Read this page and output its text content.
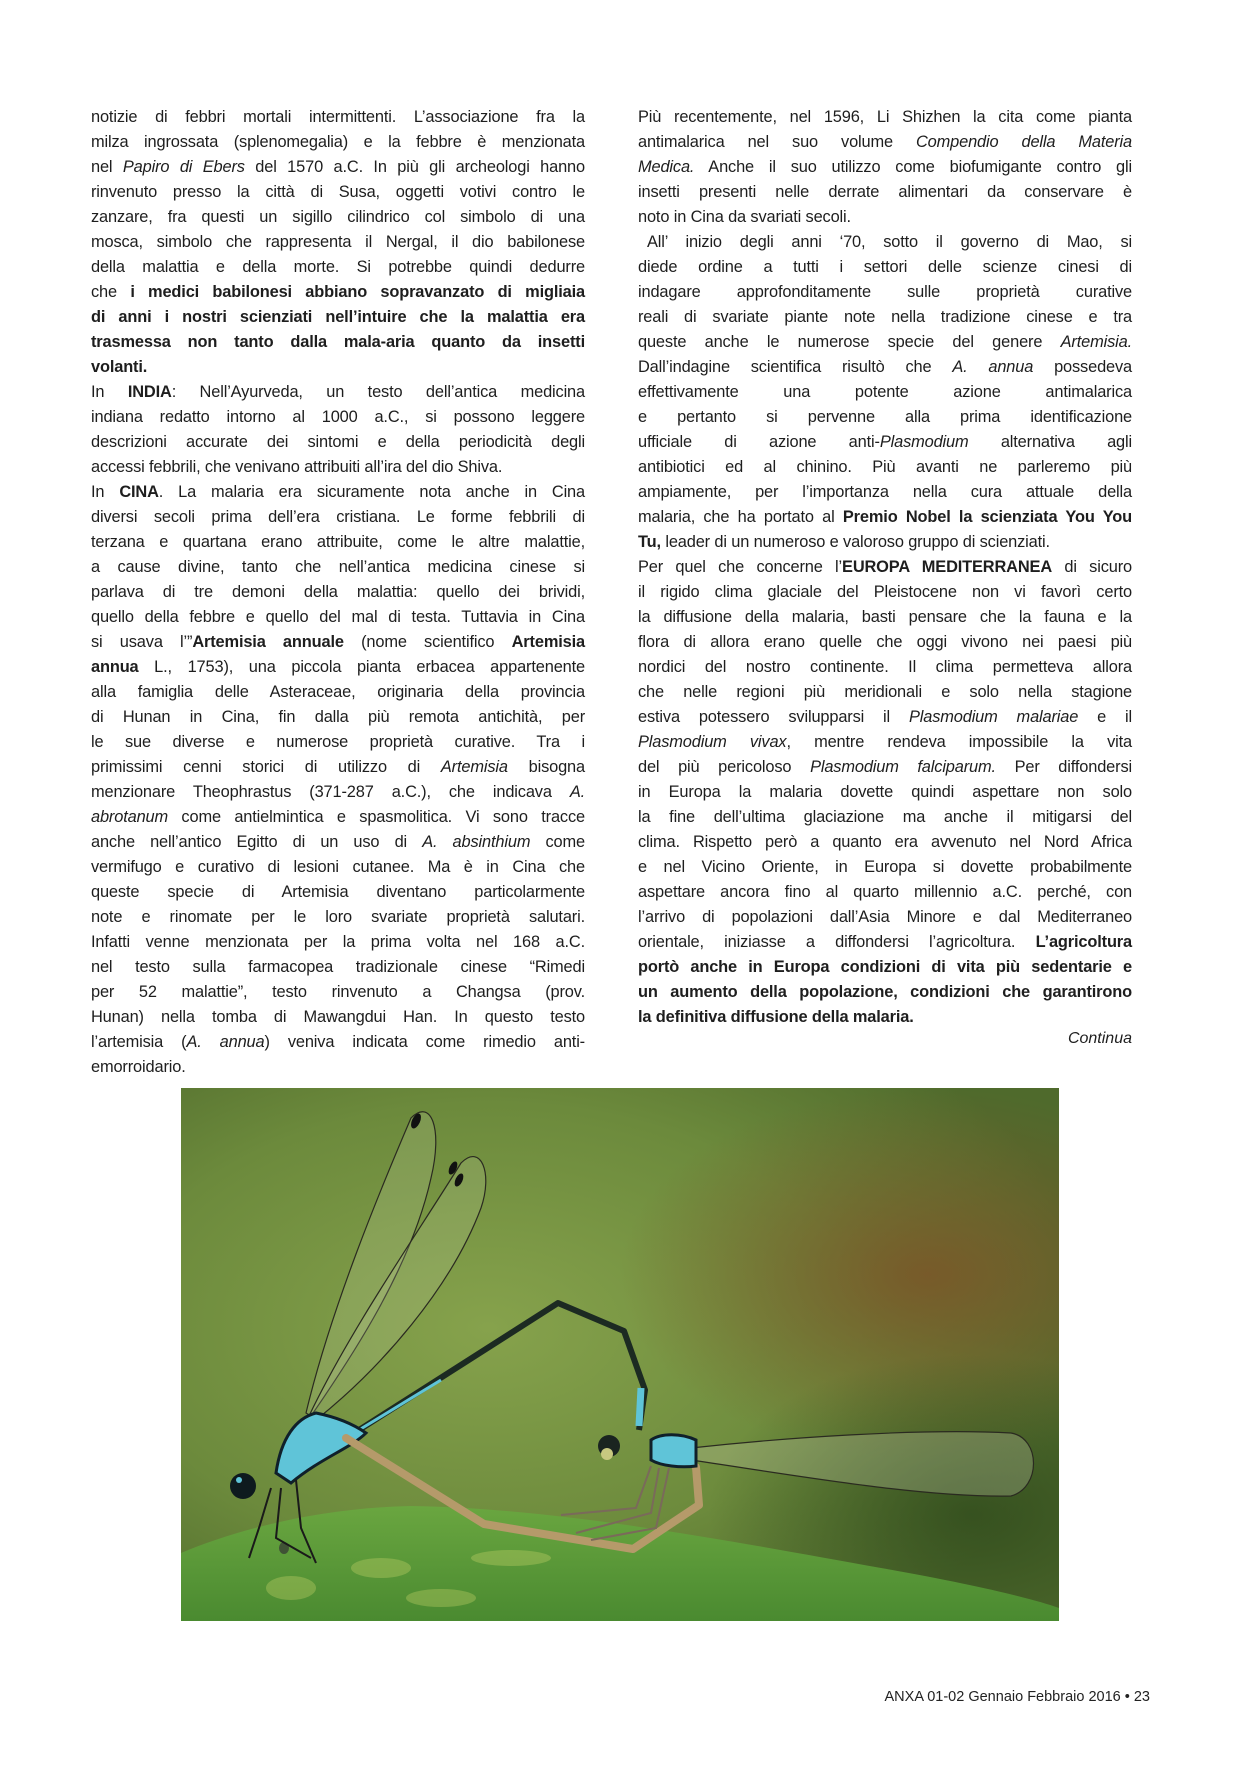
notizie di febbri mortali intermittenti. L’associazione fra la
milza ingrossata (splenomegalia) e la febbre è menzionata
nel Papiro di Ebers del 1570 a.C. In più gli archeologi hanno
rinvenuto presso la città di Susa, oggetti votivi contro le
zanzare, fra questi un sigillo cilindrico col simbolo di una
mosca, simbolo che rappresenta il Nergal, il dio babilonese
della malattia e della morte. Si potrebbe quindi dedurre
che i medici babilonesi abbiano sopravanzato di migliaia
di anni i nostri scienziati nell’intuire che la malattia era
trasmessa non tanto dalla mala-aria quanto da insetti
volanti.
In INDIA: Nell’Ayurveda, un testo dell’antica medicina
indiana redatto intorno al 1000 a.C., si possono leggere
descrizioni accurate dei sintomi e della periodicità degli
accessi febbrili, che venivano attribuiti all’ira del dio Shiva.
In CINA. La malaria era sicuramente nota anche in Cina
diversi secoli prima dell’era cristiana. Le forme febbrili di
terzana e quartana erano attribuite, come le altre malattie,
a cause divine, tanto che nell’antica medicina cinese si
parlava di tre demoni della malattia: quello dei brividi,
quello della febbre e quello del mal di testa. Tuttavia in Cina
si usava l’”Artemisia annuale (nome scientifico Artemisia
annua L., 1753), una piccola pianta erbacea appartenente
alla famiglia delle Asteraceae, originaria della provincia
di Hunan in Cina, fin dalla più remota antichità, per
le sue diverse e numerose proprietà curative. Tra i
primissimi cenni storici di utilizzo di Artemisia bisogna
menzionare Theophrastus (371-287 a.C.), che indicava A.
abrotanum come antielmintica e spasmolitica. Vi sono tracce
anche nell’antico Egitto di un uso di A. absinthium come
vermifugo e curativo di lesioni cutanee. Ma è in Cina che
queste specie di Artemisia diventano particolarmente
note e rinomate per le loro svariate proprietà salutari.
Infatti venne menzionata per la prima volta nel 168 a.C.
nel testo sulla farmacopea tradizionale cinese “Rimedi
per 52 malattie”, testo rinvenuto a Changsa (prov.
Hunan) nella tomba di Mawangdui Han. In questo testo
l’artemisia (A. annua) veniva indicata come rimedio anti-
emorroidario.
Più recentemente, nel 1596, Li Shizhen la cita come pianta
antimalarica nel suo volume Compendio della Materia
Medica. Anche il suo utilizzo come biofumigante contro gli
insetti presenti nelle derrate alimentari da conservare è
noto in Cina da svariati secoli.
All’ inizio degli anni ‘70, sotto il governo di Mao, si
diede ordine a tutti i settori delle scienze cinesi di
indagare approfonditamente sulle proprietà curative
reali di svariate piante note nella tradizione cinese e tra
queste anche le numerose specie del genere Artemisia.
Dall’indagine scientifica risultò che A. annua possedeva
effettivamente una potente azione antimalarica
e pertanto si pervenne alla prima identificazione
ufficiale di azione anti-Plasmodium alternativa agli
antibiotici ed al chinino. Più avanti ne parleremo più
ampiamente, per l’importanza nella cura attuale della
malaria, che ha portato al Premio Nobel la scienziata You You
Tu, leader di un numeroso e valoroso gruppo di scienziati.
Per quel che concerne l’EUROPA MEDITERRANEA di sicuro
il rigido clima glaciale del Pleistocene non vi favorì certo
la diffusione della malaria, basti pensare che la fauna e la
flora di allora erano quelle che oggi vivono nei paesi più
nordici del nostro continente. Il clima permetteva allora
che nelle regioni più meridionali e solo nella stagione
estiva potessero svilupparsi il Plasmodium malariae e il
Plasmodium vivax, mentre rendeva impossibile la vita
del più pericoloso Plasmodium falciparum. Per diffondersi
in Europa la malaria dovette quindi aspettare non solo
la fine dell’ultima glaciazione ma anche il mitigarsi del
clima. Rispetto però a quanto era avvenuto nel Nord Africa
e nel Vicino Oriente, in Europa si dovette probabilmente
aspettare ancora fino al quarto millennio a.C. perché, con
l’arrivo di popolazioni dall’Asia Minore e dal Mediterraneo
orientale, iniziasse a diffondersi l’agricoltura. L’agricoltura
portò anche in Europa condizioni di vita più sedentarie e
un aumento della popolazione, condizioni che garantirono
la definitiva diffusione della malaria.
Continua
ANXA 01-02 Gennaio Febbraio 2016 • 23
